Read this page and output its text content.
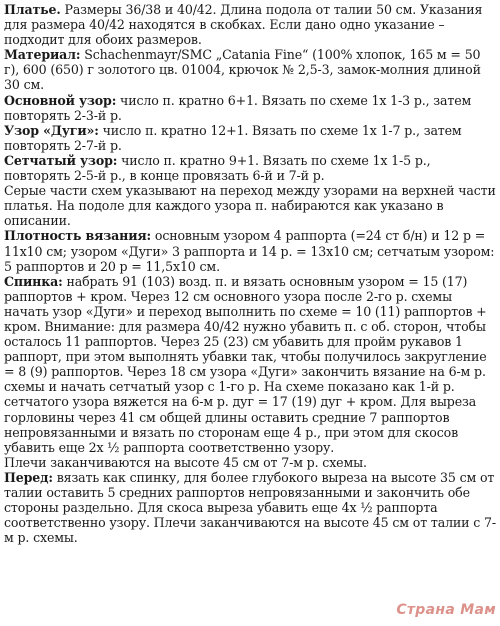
Платье. Размеры 36/38 и 40/42. Длина подола от талии 50 см. Указания для размера 40/42 находятся в скобках. Если дано одно указание – подходит для обоих размеров.

Материал: Schachenmayr/SMC „Catania Fine“ (100% хлопок, 165 м = 50 г), 600 (650) г золотого цв. 01004, крючок № 2,5-3, замок-молния длиной 30 см.

Основной узор: число п. кратно 6+1. Вязать по схеме 1х 1-3 р., затем повторять 2-3-й р.

Узор «Дуги»: число п. кратно 12+1. Вязать по схеме 1х 1-7 р., затем повторять 2-7-й р.

Сетчатый узор: число п. кратно 9+1. Вязать по схеме 1х 1-5 р., повторять 2-5-й р., в конце провязать 6-й и 7-й р.

Серые части схем указывают на переход между узорами на верхней части платья. На подоле для каждого узора п. набираются как указано в описании.

Плотность вязания: основным узором 4 раппорта (=24 ст б/н) и 12 р = 11х10 см; узором «Дуги» 3 раппорта и 14 р. = 13х10 см; сетчатым узором: 5 раппортов и 20 р = 11,5х10 см.

Спинка: набрать 91 (103) возд. п. и вязать основным узором = 15 (17) раппортов + кром. Через 12 см основного узора после 2-го р. схемы начать узор «Дуги» и переход выполнить по схеме = 10 (11) раппортов + кром. Внимание: для размера 40/42 нужно убавить п. с об. сторон, чтобы осталось 11 раппортов. Через 25 (23) см убавить для пройм рукавов 1 раппорт, при этом выполнять убавки так, чтобы получилось закругление = 8 (9) раппортов. Через 18 см узора «Дуги» закончить вязание на 6-м р. схемы и начать сетчатый узор с 1-го р. На схеме показано как 1-й р. сетчатого узора вяжется на 6-м р. дуг = 17 (19) дуг + кром. Для выреза горловины через 41 см общей длины оставить средние 7 раппортов непровязанными и вязать по сторонам еще 4 р., при этом для скосов убавить еще 2х ½ раппорта соответственно узору.

Плечи заканчиваются на высоте 45 см от 7-м р. схемы.

Перед: вязать как спинку, для более глубокого выреза на высоте 35 см от талии оставить 5 средних раппортов непровязанными и закончить обе стороны раздельно. Для скоса выреза убавить еще 4х ½ раппорта соответственно узору. Плечи заканчиваются на высоте 45 см от талии с 7-м р. схемы.

Страна Мам
